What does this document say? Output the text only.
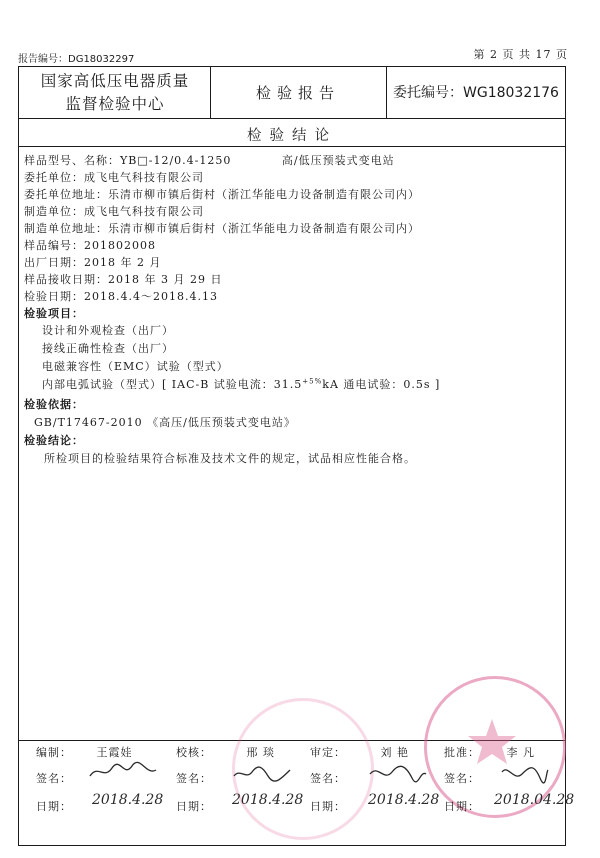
报告编号：DG18032297	第 2 页 共 17 页
国家高低压电器质量
监督检验中心
检验报告	委托编号：WG18032176
检验结论
样品型号、名称：YB□-12/0.4-1250	高/低压预装式变电站
委托单位：成飞电气科技有限公司
委托单位地址：乐清市柳市镇后街村（浙江华能电力设备制造有限公司内）
制造单位：成飞电气科技有限公司
制造单位地址：乐清市柳市镇后街村（浙江华能电力设备制造有限公司内）
样品编号：201802008
出厂日期：2018 年 2 月
样品接收日期：2018 年 3 月 29 日
检验日期：2018.4.4～2018.4.13
检验项目：
设计和外观检查（出厂）
接线正确性检查（出厂）
电磁兼容性（EMC）试验（型式）
内部电弧试验（型式）[ IAC-B 试验电流：$31.5^{+5\%}kA$ 通电试验：0.5s ]
检验依据：
GB/T17467-2010 《高压/低压预装式变电站》
检验结论：
所检项目的检验结果符合标准及技术文件的规定，试品相应性能合格。
编制： 王霞娃	校核：	邢 琰	审定：	刘 艳	批准： 李 凡
签名：	签名：	签名：	签名：
日期： 2018.4.28 日期： 2018.4.28 日期： 2018.4.28 日期： 2018.04.28
